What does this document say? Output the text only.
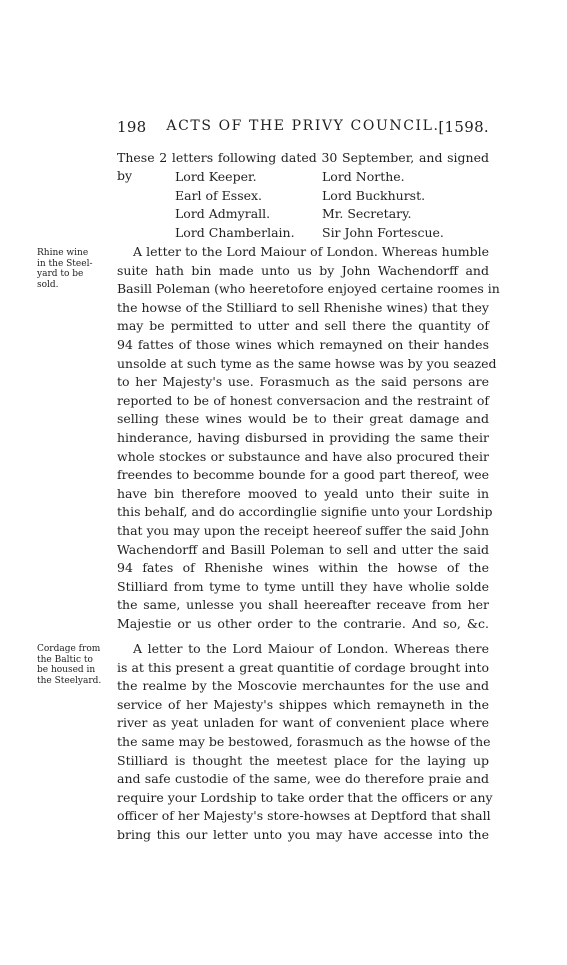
198	ACTS OF THE PRIVY COUNCIL.
[1598.
These 2 letters following dated 30 September, and signed by	Lord Keeper.	Lord Northe.
Earl of Essex.	Lord Buckhurst.
Lord Admyrall.	Mr. Secretary.
Lord Chamberlain.	Sir John Fortescue.
Rhine wine
in the Steel-
yard to be
sold.
A letter to the Lord Maiour of London. Whereas humble
suite hath bin made unto us by John Wachendorff and
Basill Poleman (who heeretofore enjoyed certaine roomes in
the howse of the Stilliard to sell Rhenishe wines) that they
may be permitted to utter and sell there the quantity of
94 fattes of those wines which remayned on their handes
unsolde at such tyme as the same howse was by you seazed
to her Majesty's use. Forasmuch as the said persons are
reported to be of honest conversacion and the restraint of
selling these wines would be to their great damage and
hinderance, having disbursed in providing the same their
whole stockes or substaunce and have also procured their
freendes to becomme bounde for a good part thereof, wee
have bin therefore mooved to yeald unto their suite in
this behalf, and do accordinglie signifie unto your Lordship
that you may upon the receipt heereof suffer the said John
Wachendorff and Basill Poleman to sell and utter the said
94 fates of Rhenishe wines within the howse of the
Stilliard from tyme to tyme untill they have wholie solde
the same, unlesse you shall heereafter receave from her
Majestie or us other order to the contrarie. And so, &c.
Cordage from
the Baltic to
be housed in
the Steelyard.
A letter to the Lord Maiour of London. Whereas there
is at this present a great quantitie of cordage brought into
the realme by the Moscovie merchauntes for the use and
service of her Majesty's shippes which remayneth in the
river as yeat unladen for want of convenient place where
the same may be bestowed, forasmuch as the howse of the
Stilliard is thought the meetest place for the laying up
and safe custodie of the same, wee do therefore praie and
require your Lordship to take order that the officers or any
officer of her Majesty's store-howses at Deptford that shall
bring this our letter unto you may have accesse into the
